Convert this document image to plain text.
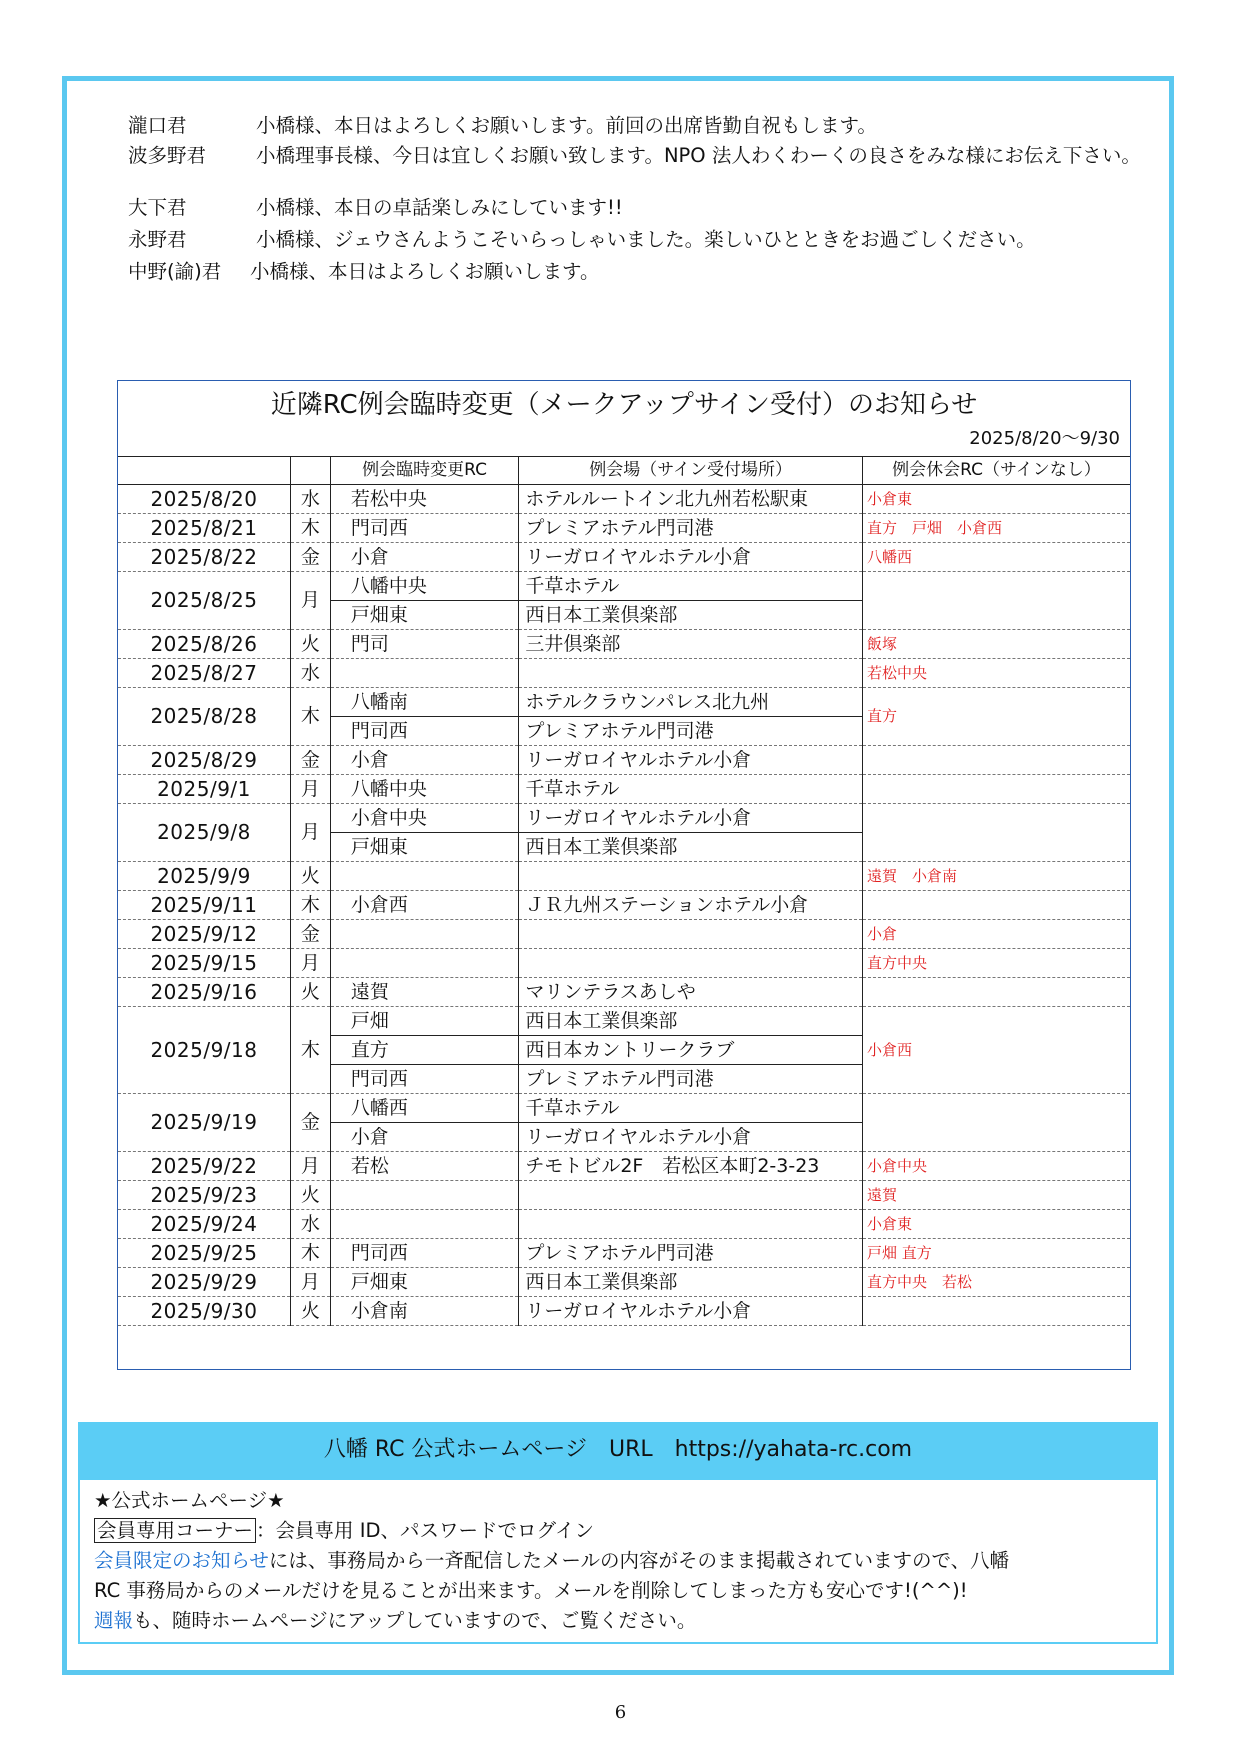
瀧口君	小橋様、本日はよろしくお願いします。前回の出席皆勤自祝もします。
波多野君	小橋理事長様、今日は宜しくお願い致します。NPO 法人わくわーくの良さをみな様にお伝え下さい。
大下君	小橋様、本日の卓話楽しみにしています!!
永野君	小橋様、ジェウさんようこそいらっしゃいました。楽しいひとときをお過ごしください。
中野(諭)君 小橋様、本日はよろしくお願いします。
近隣RC例会臨時変更（メークアップサイン受付）のお知らせ
2025/8/20～9/30
		例会臨時変更RC	例会場（サイン受付場所）	例会休会RC（サインなし）
2025/8/20	水	若松中央	ホテルルートイン北九州若松駅東	小倉東
2025/8/21	木	門司西	プレミアホテル門司港	直方　戸畑　小倉西
2025/8/22	金	小倉	リーガロイヤルホテル小倉	八幡西
2025/8/25	月	八幡中央	千草ホテル	
		戸畑東	西日本工業倶楽部	
2025/8/26	火	門司	三井倶楽部	飯塚
2025/8/27	水			若松中央
2025/8/28	木	八幡南	ホテルクラウンパレス北九州	直方
		門司西	プレミアホテル門司港	
2025/8/29	金	小倉	リーガロイヤルホテル小倉	
2025/9/1	月	八幡中央	千草ホテル	
2025/9/8	月	小倉中央	リーガロイヤルホテル小倉	
		戸畑東	西日本工業倶楽部	
2025/9/9	火			遠賀　小倉南
2025/9/11	木	小倉西	ＪＲ九州ステーションホテル小倉	
2025/9/12	金			小倉
2025/9/15	月			直方中央
2025/9/16	火	遠賀	マリンテラスあしや	
2025/9/18	木	戸畑	西日本工業倶楽部	小倉西
		直方	西日本カントリークラブ	
		門司西	プレミアホテル門司港	
2025/9/19	金	八幡西	千草ホテル	
		小倉	リーガロイヤルホテル小倉	
2025/9/22	月	若松	チモトビル2F　若松区本町2-3-23	小倉中央
2025/9/23	火			遠賀
2025/9/24	水			小倉東
2025/9/25	木	門司西	プレミアホテル門司港	戸畑 直方
2025/9/29	月	戸畑東	西日本工業倶楽部	直方中央　若松
2025/9/30	火	小倉南	リーガロイヤルホテル小倉	
八幡 RC 公式ホームページ　URL　https://yahata-rc.com
★公式ホームページ★
会員専用コーナー ：会員専用 ID、パスワードでログイン
会員限定のお知らせには、事務局から一斉配信したメールの内容がそのまま掲載されていますので、八幡
RC 事務局からのメールだけを見ることが出来ます。メールを削除してしまった方も安心です!(^^)!
週報も、随時ホームページにアップしていますので、ご覧ください。
6
